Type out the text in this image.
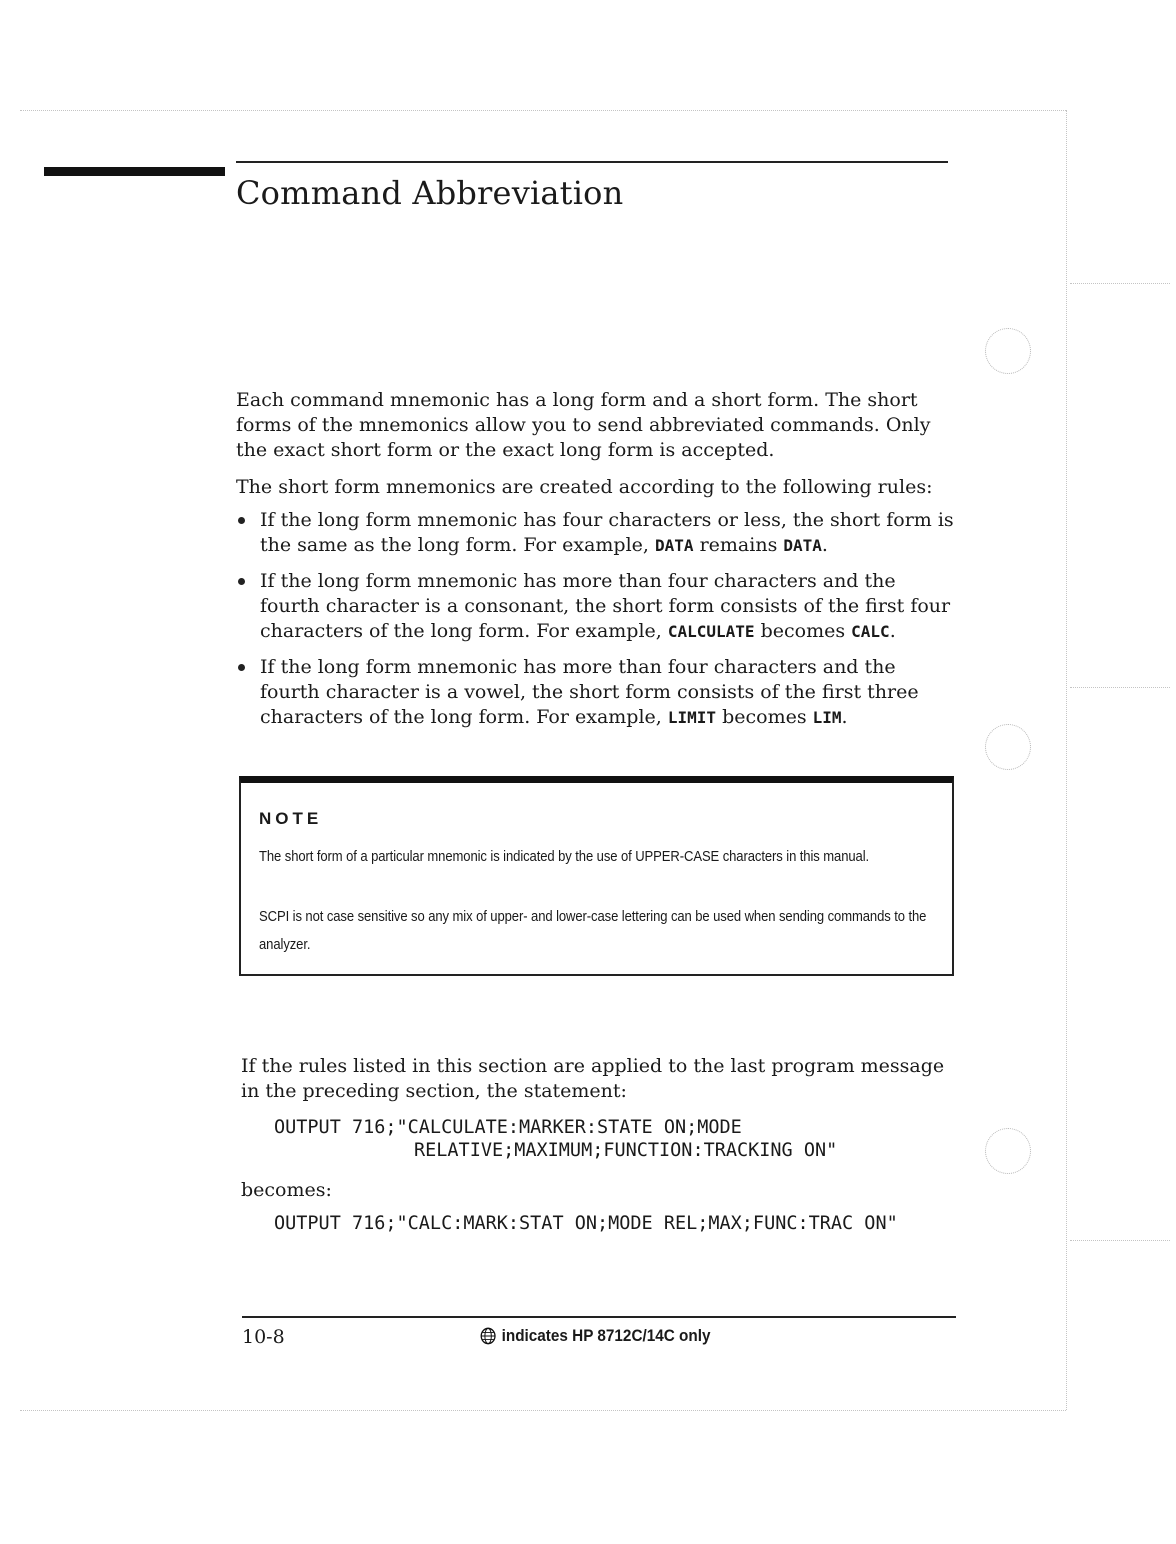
Command Abbreviation

Each command mnemonic has a long form and a short form. The short forms of the mnemonics allow you to send abbreviated commands. Only the exact short form or the exact long form is accepted.

The short form mnemonics are created according to the following rules:

If the long form mnemonic has four characters or less, the short form is the same as the long form. For example, DATA remains DATA.
If the long form mnemonic has more than four characters and the fourth character is a consonant, the short form consists of the first four characters of the long form. For example, CALCULATE becomes CALC.
If the long form mnemonic has more than four characters and the fourth character is a vowel, the short form consists of the first three characters of the long form. For example, LIMIT becomes LIM.

NOTE

The short form of a particular mnemonic is indicated by the use of UPPER-CASE characters in this manual.

SCPI is not case sensitive so any mix of upper- and lower-case lettering can be used when sending commands to the analyzer.

If the rules listed in this section are applied to the last program message in the preceding section, the statement:

OUTPUT 716;"CALCULATE:MARKER:STATE ON;MODE

RELATIVE;MAXIMUM;FUNCTION:TRACKING ON"

becomes:

OUTPUT 716;"CALC:MARK:STAT ON;MODE REL;MAX;FUNC:TRAC ON"

10-8	indicates HP 8712C/14C only
